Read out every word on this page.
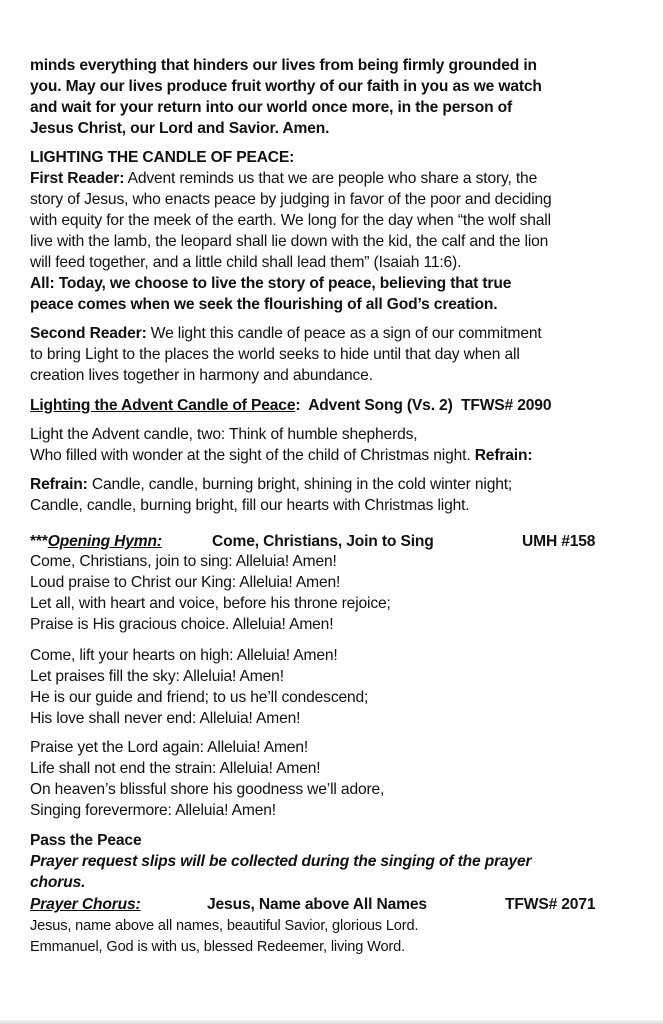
minds everything that hinders our lives from being firmly grounded in
you. May our lives produce fruit worthy of our faith in you as we watch
and wait for your return into our world once more, in the person of
Jesus Christ, our Lord and Savior. Amen.
LIGHTING THE CANDLE OF PEACE:
First Reader: Advent reminds us that we are people who share a story, the
story of Jesus, who enacts peace by judging in favor of the poor and deciding
with equity for the meek of the earth. We long for the day when “the wolf shall
live with the lamb, the leopard shall lie down with the kid, the calf and the lion
will feed together, and a little child shall lead them” (Isaiah 11:6).
All: Today, we choose to live the story of peace, believing that true
peace comes when we seek the flourishing of all God’s creation.
Second Reader: We light this candle of peace as a sign of our commitment
to bring Light to the places the world seeks to hide until that day when all
creation lives together in harmony and abundance.
Lighting the Advent Candle of Peace:  Advent Song (Vs. 2)  TFWS# 2090
Light the Advent candle, two: Think of humble shepherds,
Who filled with wonder at the sight of the child of Christmas night. Refrain:
Refrain: Candle, candle, burning bright, shining in the cold winter night;
Candle, candle, burning bright, fill our hearts with Christmas light.
***Opening Hymn:	Come, Christians, Join to Sing	UMH #158
Come, Christians, join to sing: Alleluia! Amen!
Loud praise to Christ our King: Alleluia! Amen!
Let all, with heart and voice, before his throne rejoice;
Praise is His gracious choice. Alleluia! Amen!
Come, lift your hearts on high: Alleluia! Amen!
Let praises fill the sky: Alleluia! Amen!
He is our guide and friend; to us he’ll condescend;
His love shall never end: Alleluia! Amen!
Praise yet the Lord again: Alleluia! Amen!
Life shall not end the strain: Alleluia! Amen!
On heaven’s blissful shore his goodness we’ll adore,
Singing forevermore: Alleluia! Amen!
Pass the Peace
Prayer request slips will be collected during the singing of the prayer
chorus.
Prayer Chorus:	Jesus, Name above All Names	TFWS# 2071
Jesus, name above all names, beautiful Savior, glorious Lord.
Emmanuel, God is with us, blessed Redeemer, living Word.
